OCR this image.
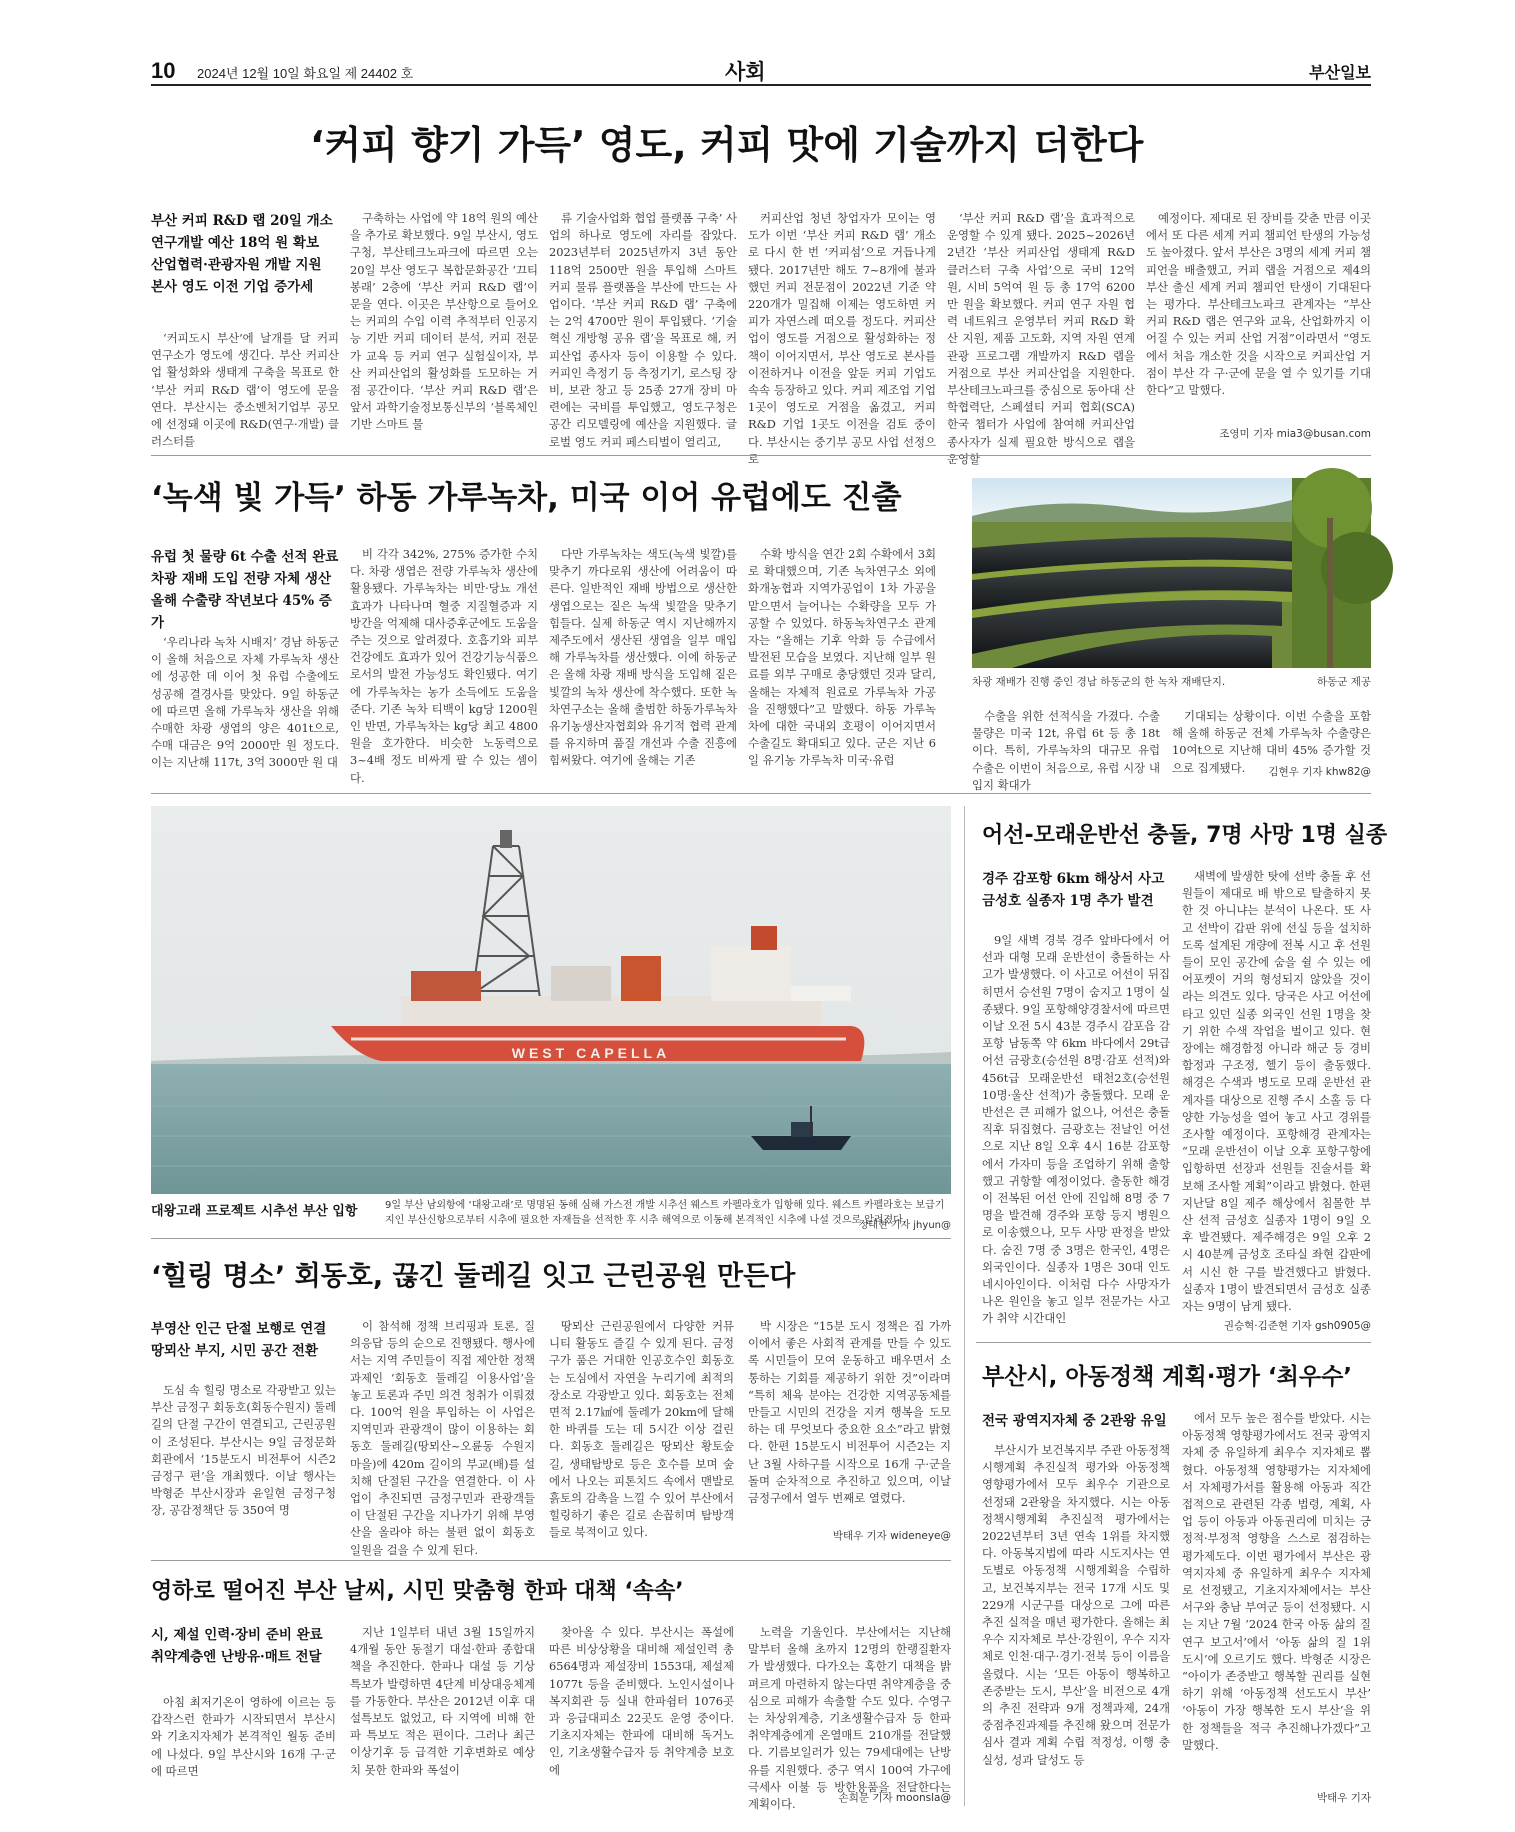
10 2024년 12월 10일 화요일 제 24402 호	사회	부산일보
‘커피 향기 가득’ 영도, 커피 맛에 기술까지 더한다
부산 커피 R&D 랩 20일 개소
연구개발 예산 18억 원 확보
산업협력·관광자원 개발 지원
본사 영도 이전 기업 증가세

‘커피도시 부산’에 날개를 달 커피 연구소가 영도에 생긴다. 부산 커피산업 활성화와 생태계 구축을 목표로 한 ‘부산 커피 R&D 랩’이 영도에 문을 연다. 부산시는 중소벤처기업부 공모에 선정돼 이곳에 R&D(연구·개발) 클러스터를

구축하는 사업에 약 18억 원의 예산을 추가로 확보했다. 9일 부산시, 영도구청, 부산테크노파크에 따르면 오는 20일 부산 영도구 복합문화공간 ‘끄티 봉래’ 2층에 ‘부산 커피 R&D 랩’이 문을 연다. 이곳은 부산항으로 들어오는 커피의 수입 이력 추적부터 인공지능 기반 커피 데이터 분석, 커피 전문가 교육 등 커피 연구 실험실이자, 부산 커피산업의 활성화를 도모하는 거점 공간이다. ‘부산 커피 R&D 랩’은 앞서 과학기술정보통신부의 ‘블록체인 기반 스마트 물

류 기술사업화 협업 플랫폼 구축’ 사업의 하나로 영도에 자리를 잡았다. 2023년부터 2025년까지 3년 동안 118억 2500만 원을 투입해 스마트 커피 물류 플랫폼을 부산에 만드는 사업이다. ‘부산 커피 R&D 랩’ 구축에는 2억 4700만 원이 투입됐다. ‘기술혁신 개방형 공유 랩’을 목표로 해, 커피산업 종사자 등이 이용할 수 있다. 커피인 측정기 등 측정기기, 로스팅 장비, 보관 창고 등 25종 27개 장비 마련에는 국비를 투입했고, 영도구청은 공간 리모델링에 예산을 지원했다. 글로벌 영도 커피 페스티벌이 열리고,

커피산업 청년 창업자가 모이는 영도가 이번 ‘부산 커피 R&D 랩’ 개소로 다시 한 번 ‘커피섬’으로 거듭나게 됐다. 2017년만 해도 7~8개에 불과했던 커피 전문점이 2022년 기준 약 220개가 밀집해 이제는 영도하면 커피가 자연스레 떠오를 정도다. 커피산업이 영도를 거점으로 활성화하는 정책이 이어지면서, 부산 영도로 본사를 이전하거나 이전을 앞둔 커피 기업도 속속 등장하고 있다. 커피 제조업 기업 1곳이 영도로 거점을 옮겼고, 커피 R&D 기업 1곳도 이전을 검토 중이다. 부산시는 중기부 공모 사업 선정으로

‘부산 커피 R&D 랩’을 효과적으로 운영할 수 있게 됐다. 2025~2026년 2년간 ‘부산 커피산업 생태계 R&D 클러스터 구축 사업’으로 국비 12억 원, 시비 5억여 원 등 총 17억 6200만 원을 확보했다. 커피 연구 자원 협력 네트워크 운영부터 커피 R&D 확산 지원, 제품 고도화, 지역 자원 연계 관광 프로그램 개발까지 R&D 랩을 거점으로 부산 커피산업을 지원한다. 부산테크노파크를 중심으로 동아대 산학협력단, 스페셜티 커피 협회(SCA) 한국 챕터가 사업에 참여해 커피산업 종사자가 실제 필요한 방식으로 랩을 운영할

예정이다. 제대로 된 장비를 갖춘 만큼 이곳에서 또 다른 세계 커피 챔피언 탄생의 가능성도 높아졌다. 앞서 부산은 3명의 세계 커피 챔피언을 배출했고, 커피 랩을 거점으로 제4의 부산 출신 세계 커피 챔피언 탄생이 기대된다는 평가다. 부산테크노파크 관계자는 “부산 커피 R&D 랩은 연구와 교육, 산업화까지 이어질 수 있는 커피 산업 거점”이라면서 “영도에서 처음 개소한 것을 시작으로 커피산업 거점이 부산 각 구·군에 문을 열 수 있기를 기대한다”고 말했다.

조영미 기자 mia3@busan.com
‘녹색 빛 가득’ 하동 가루녹차, 미국 이어 유럽에도 진출
유럽 첫 물량 6t 수출 선적 완료
차광 재배 도입 전량 자체 생산
올해 수출량 작년보다 45% 증가

‘우리나라 녹차 시배지’ 경남 하동군이 올해 처음으로 자체 가루녹차 생산에 성공한 데 이어 첫 유럽 수출에도 성공해 결경사를 맞았다. 9일 하동군에 따르면 올해 가루녹차 생산을 위해 수매한 차광 생엽의 양은 401t으로, 수매 대금은 9억 2000만 원 정도다. 이는 지난해 117t, 3억 3000만 원 대

비 각각 342%, 275% 증가한 수치다. 차광 생엽은 전량 가루녹차 생산에 활용됐다. 가루녹차는 비만·당뇨 개선 효과가 나타나며 혈중 지질혈증과 지방간을 억제해 대사증후군에도 도움을 주는 것으로 알려졌다. 호흡기와 피부 건강에도 효과가 있어 건강기능식품으로서의 발전 가능성도 확인됐다. 여기에 가루녹차는 농가 소득에도 도움을 준다. 기존 녹차 티백이 kg당 1200원인 반면, 가루녹차는 kg당 최고 4800원을 호가한다. 비슷한 노동력으로 3~4배 정도 비싸게 팔 수 있는 셈이다.

다만 가루녹차는 색도(녹색 빛깔)를 맞추기 까다로워 생산에 어려움이 따른다. 일반적인 재배 방법으로 생산한 생엽으로는 짙은 녹색 빛깔을 맞추기 힘들다. 실제 하동군 역시 지난해까지 제주도에서 생산된 생엽을 일부 매입해 가루녹차를 생산했다. 이에 하동군은 올해 차광 재배 방식을 도입해 짙은 빛깔의 녹차 생산에 착수했다. 또한 녹차연구소는 올해 출범한 하동가루녹차유기농생산자협회와 유기적 협력 관계를 유지하며 품질 개선과 수출 진흥에 힘써왔다. 여기에 올해는 기존

수확 방식을 연간 2회 수확에서 3회로 확대했으며, 기존 녹차연구소 외에 화개농협과 지역가공업이 1차 가공을 맡으면서 늘어나는 수확량을 모두 가공할 수 있었다. 하동녹차연구소 관계자는 “올해는 기후 악화 등 수급에서 발전된 모습을 보였다. 지난해 일부 원료를 외부 구매로 충당했던 것과 달리, 올해는 자체적 원료로 가루녹차 가공을 진행했다”고 말했다. 하동 가루녹차에 대한 국내외 호평이 이어지면서 수출길도 확대되고 있다. 군은 지난 6일 유기농 가루녹차 미국·유럽

차광 재배가 진행 중인 경남 하동군의 한 녹차 재배단지.	하동군 제공

수출을 위한 선적식을 가졌다. 수출 물량은 미국 12t, 유럽 6t 등 총 18t이다. 특히, 가루녹차의 대규모 유럽 수출은 이번이 처음으로, 유럽 시장 내 입지 확대가

기대되는 상황이다. 이번 수출을 포함해 올해 하동군 전체 가루녹차 수출량은 10여t으로 지난해 대비 45% 증가할 것으로 집계됐다.	김현우 기자 khw82@
WEST CAPELLA
대왕고래 프로젝트 시추선 부산 입항	9일 부산 남외항에 ‘대왕고래’로 명명된 동해 심해 가스전 개발 시추선 웨스트 카펠라호가 입항해 있다. 웨스트 카펠라호는 보급기지인 부산신항으로부터 시추에 필요한 자재들을 선적한 후 시추 해역으로 이동해 본격적인 시추에 나설 것으로 알려졌다.
정대현 기자 jhyun@
어선-모래운반선 충돌, 7명 사망 1명 실종
경주 감포항 6km 해상서 사고
금성호 실종자 1명 추가 발견

9일 새벽 경북 경주 앞바다에서 어선과 대형 모래 운반선이 충돌하는 사고가 발생했다. 이 사고로 어선이 뒤집히면서 승선원 7명이 숨지고 1명이 실종됐다. 9일 포항해양경찰서에 따르면 이날 오전 5시 43분 경주시 감포읍 감포항 남동쪽 약 6km 바다에서 29t급 어선 금광호(승선원 8명·감포 선적)와 456t급 모래운반선 태천2호(승선원 10명·울산 선적)가 충돌했다. 모래 운반선은 큰 피해가 없으나, 어선은 충돌 직후 뒤집혔다. 금광호는 전날인 어선으로 지난 8일 오후 4시 16분 감포항에서 가자미 등을 조업하기 위해 출항했고 귀항할 예정이었다. 출동한 해경이 전복된 어선 안에 진입해 8명 중 7명을 발견해 경주와 포항 등지 병원으로 이송했으나, 모두 사망 판정을 받았다. 숨진 7명 중 3명은 한국인, 4명은 외국인이다. 실종자 1명은 30대 인도네시아인이다. 이처럼 다수 사망자가 나온 원인을 놓고 일부 전문가는 사고가 취약 시간대인

새벽에 발생한 탓에 선박 충돌 후 선원들이 제대로 배 밖으로 탈출하지 못한 것 아니냐는 분석이 나온다. 또 사고 선박이 갑판 위에 선실 등을 설치하도록 설계된 개량에 전복 시고 후 선원들이 모인 공간에 숨을 쉴 수 있는 에어포켓이 거의 형성되지 않았을 것이라는 의견도 있다. 당국은 사고 어선에 타고 있던 실종 외국인 선원 1명을 찾기 위한 수색 작업을 벌이고 있다. 현장에는 해경함정 아니라 해군 등 경비함정과 구조정, 헬기 등이 출동했다. 해경은 수색과 병도로 모래 운반선 관계자를 대상으로 진행 주시 소홀 등 다양한 가능성을 열어 놓고 사고 경위를 조사할 예정이다. 포항해경 관계자는 “모래 운반선이 이날 오후 포항구항에 입항하면 선장과 선원들 진술서를 확보해 조사할 계획”이라고 밝혔다. 한편 지난달 8일 제주 해상에서 침몰한 부산 선적 금성호 실종자 1명이 9일 오후 발견됐다. 제주해경은 9일 오후 2시 40분께 금성호 조타실 좌현 갑판에서 시신 한 구를 발견했다고 밝혔다. 실종자 1명이 발견되면서 금성호 실종자는 9명이 남게 됐다.

권승혁·김준현 기자 gsh0905@
‘힐링 명소’ 회동호, 끊긴 둘레길 잇고 근린공원 만든다
부영산 인근 단절 보행로 연결
땅뫼산 부지, 시민 공간 전환

도심 속 힐링 명소로 각광받고 있는 부산 금정구 회동호(회동수원지) 둘레길의 단절 구간이 연결되고, 근린공원이 조성된다. 부산시는 9일 금정문화회관에서 ‘15분도시 비전투어 시즌2 금정구 편’을 개최했다. 이날 행사는 박형준 부산시장과 윤일현 금정구청장, 공감정책단 등 350여 명

이 참석해 정책 브리핑과 토론, 질의응답 등의 순으로 진행됐다. 행사에서는 지역 주민들이 직접 제안한 정책과제인 ‘회동호 둘레길 이용사업’을 놓고 토론과 주민 의견 청취가 이뤄졌다. 100억 원을 투입하는 이 사업은 지역민과 관광객이 많이 이용하는 회동호 둘레길(땅뫼산~오륜동 수원지마을)에 420m 길이의 부교(배)를 설치해 단절된 구간을 연결한다. 이 사업이 추진되면 금정구민과 관광객들이 단절된 구간을 지나가기 위해 부영산을 올라야 하는 불편 없이 회동호 일원을 걸을 수 있게 된다.

땅뫼산 근린공원에서 다양한 커뮤니티 활동도 즐길 수 있게 된다. 금정구가 품은 거대한 인공호수인 회동호는 도심에서 자연을 누리기에 최적의 장소로 각광받고 있다. 회동호는 전체 면적 2.17㎢에 둘레가 20km에 달해 한 바퀴를 도는 데 5시간 이상 걸린다. 회동호 둘레길은 땅뫼산 황토숲길, 생태탐방로 등은 호수를 보며 숲에서 나오는 피톤치드 속에서 맨발로 흙토의 감촉을 느낄 수 있어 부산에서 힐링하기 좋은 길로 손꼽히며 탐방객들로 북적이고 있다.

박 시장은 “15분 도시 정책은 집 가까이에서 좋은 사회적 관계를 만들 수 있도록 시민들이 모여 운동하고 배우면서 소통하는 기회를 제공하기 위한 것”이라며 “특히 체육 분야는 건강한 지역공동체를 만들고 시민의 건강을 지켜 행복을 도모하는 데 무엇보다 중요한 요소”라고 밝혔다. 한편 15분도시 비전투어 시즌2는 지난 3월 사하구를 시작으로 16개 구·군을 돌며 순차적으로 추진하고 있으며, 이날 금정구에서 열두 번째로 열렸다.

박태우 기자 wideneye@
부산시, 아동정책 계획·평가 ‘최우수’
전국 광역지자체 중 2관왕 유일

부산시가 보건복지부 주관 아동정책 시행계획 추진실적 평가와 아동정책 영향평가에서 모두 최우수 기관으로 선정돼 2관왕을 차지했다. 시는 아동정책시행계획 추진실적 평가에서는 2022년부터 3년 연속 1위를 차지했다. 아동복지법에 따라 시도지사는 연도별로 아동정책 시행계획을 수립하고, 보건복지부는 전국 17개 시도 및 229개 시군구를 대상으로 그에 따른 추진 실적을 매년 평가한다. 올해는 최우수 지자체로 부산·강원이, 우수 지자체로 인천·대구·경기·전북 등이 이름을 올렸다. 시는 ‘모든 아동이 행복하고 존중받는 도시, 부산’을 비전으로 4개의 추진 전략과 9개 정책과제, 24개 중점추진과제를 추진해 왔으며 전문가 심사 결과 계획 수립 적정성, 이행 충실성, 성과 달성도 등

에서 모두 높은 점수를 받았다. 시는 아동정책 영향평가에서도 전국 광역지자체 중 유일하게 최우수 지자체로 뽑혔다. 아동정책 영향평가는 지자체에서 자체평가서를 활용해 아동과 직간접적으로 관련된 각종 법령, 계획, 사업 등이 아동과 아동권리에 미치는 긍정적·부정적 영향을 스스로 점검하는 평가제도다. 이번 평가에서 부산은 광역지자체 중 유일하게 최우수 지자체로 선정됐고, 기초지자체에서는 부산 서구와 충남 부여군 등이 선정됐다. 시는 지난 7월 ‘2024 한국 아동 삶의 질 연구 보고서’에서 ‘아동 삶의 질 1위 도시’에 오르기도 했다. 박형준 시장은 “아이가 존중받고 행복할 권리를 실현하기 위해 ‘아동정책 선도도시 부산’ ‘아동이 가장 행복한 도시 부산’을 위한 정책들을 적극 추진해나가겠다”고 말했다.

박태우 기자
영하로 떨어진 부산 날씨, 시민 맞춤형 한파 대책 ‘속속’
시, 제설 인력·장비 준비 완료
취약계층엔 난방유·매트 전달

아침 최저기온이 영하에 이르는 등 갑작스런 한파가 시작되면서 부산시와 기초지자체가 본격적인 월동 준비에 나섰다. 9일 부산시와 16개 구·군에 따르면

지난 1일부터 내년 3월 15일까지 4개월 동안 동절기 대설·한파 종합대책을 추진한다. 한파나 대설 등 기상특보가 발령하면 4단계 비상대응체계를 가동한다. 부산은 2012년 이후 대설특보도 없었고, 타 지역에 비해 한파 특보도 적은 편이다. 그러나 최근 이상기후 등 급격한 기후변화로 예상치 못한 한파와 폭설이

찾아올 수 있다. 부산시는 폭설에 따른 비상상황을 대비해 제설인력 총 6564명과 제설장비 1553대, 제설제 1077t 등을 준비했다. 노인시설이나 복지회관 등 실내 한파쉼터 1076곳과 응급대피소 22곳도 운영 중이다. 기초지자체는 한파에 대비해 독거노인, 기초생활수급자 등 취약계층 보호에

노력을 기울인다. 부산에서는 지난해 말부터 올해 초까지 12명의 한랭질환자가 발생했다. 다가오는 혹한기 대책을 밝 펴르게 마련하지 않는다면 취약계층을 중심으로 피해가 속출할 수도 있다. 수영구는 차상위계층, 기초생활수급자 등 한파 취약계층에게 온열매트 210개를 전달했다. 기름보일러가 있는 79세대에는 난방유를 지원했다. 중구 역시 100여 가구에 극세사 이불 등 방한용품을 전달한다는 계획이다.	손희문 기자 moonsla@
